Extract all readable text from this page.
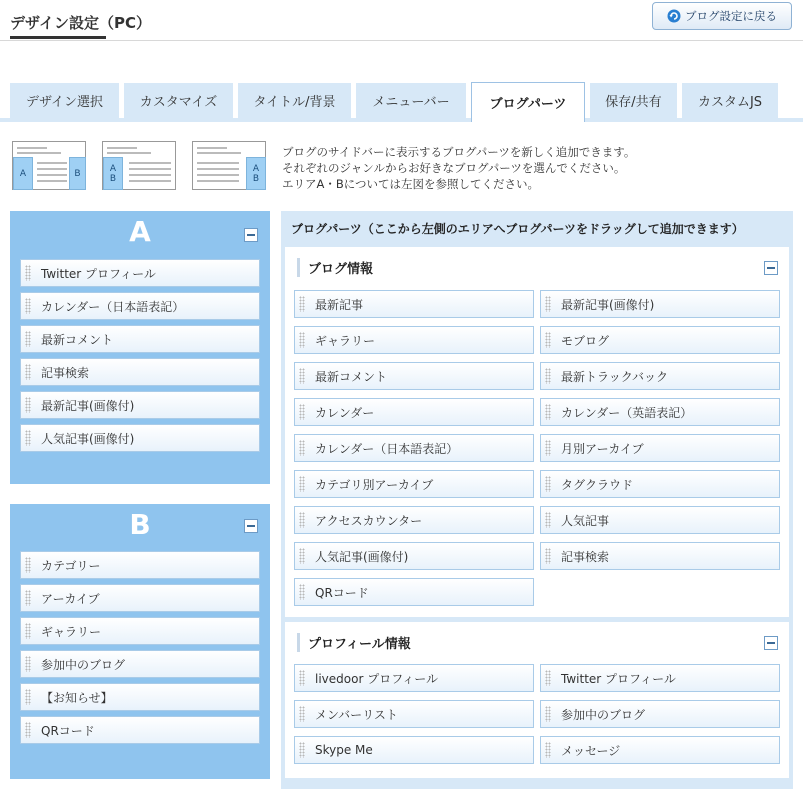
デザイン設定（PC）	ブログ設定に戻る
デザイン選択	カスタマイズ	タイトル/背景	メニューバー	ブログパーツ	保存/共有	カスタムJS
A	B	A
B
A
B
ブログのサイドバーに表示するブログパーツを新しく追加できます。
それぞれのジャンルからお好きなブログパーツを選んでください。
エリアA・Bについては左図を参照してください。
A
Twitter プロフィール
カレンダー（日本語表記）
最新コメント
記事検索
最新記事(画像付)
人気記事(画像付)
B
カテゴリー
アーカイブ
ギャラリー
参加中のブログ
【お知らせ】
QRコード
ブログパーツ（ここから左側のエリアへブログパーツをドラッグして追加できます）
ブログ情報
最新記事	最新記事(画像付)
ギャラリー	モブログ
最新コメント	最新トラックバック
カレンダー	カレンダー（英語表記）
カレンダー（日本語表記）	月別アーカイブ
カテゴリ別アーカイブ	タグクラウド
アクセスカウンター	人気記事
人気記事(画像付)	記事検索
QRコード
プロフィール情報
livedoor プロフィール	Twitter プロフィール
メンバーリスト	参加中のブログ
Skype Me	メッセージ
